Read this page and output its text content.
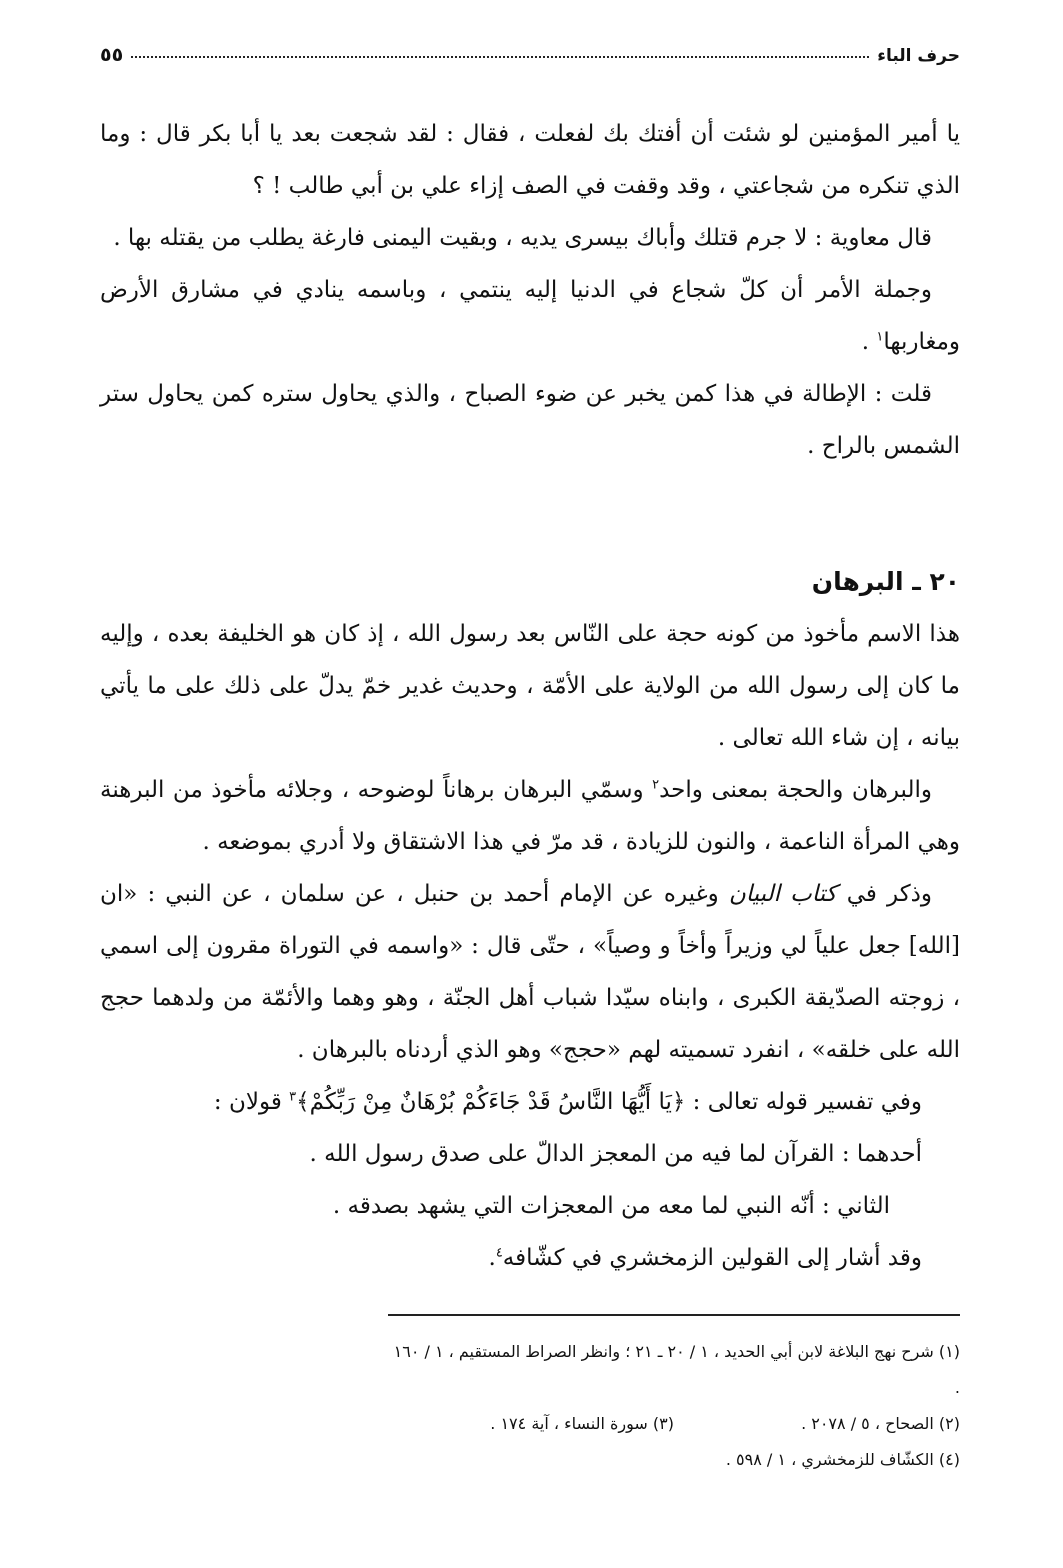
حرف الباء
٥٥

يا أمير المؤمنين لو شئت أن أفتك بك لفعلت ، فقال : لقد شجعت بعد يا أبا بكر قال : وما الذي تنكره من شجاعتي ، وقد وقفت في الصف إزاء علي بن أبي طالب ! ؟

قال معاوية : لا جرم قتلك وأباك بيسرى يديه ، وبقيت اليمنى فارغة يطلب من يقتله بها .

وجملة الأمر أن كلّ شجاع في الدنيا إليه ينتمي ، وباسمه ينادي في مشارق الأرض ومغاربها$^١$ .

قلت : الإطالة في هذا كمن يخبر عن ضوء الصباح ، والذي يحاول ستره كمن يحاول ستر الشمس بالراح .

٢٠ ـ البرهان

هذا الاسم مأخوذ من كونه حجة على النّاس بعد رسول الله ، إذ كان هو الخليفة بعده ، وإليه ما كان إلى رسول الله من الولاية على الأمّة ، وحديث غدير خمّ يدلّ على ذلك على ما يأتي بيانه ، إن شاء الله تعالى .

والبرهان والحجة بمعنى واحد$^٢$ وسمّي البرهان برهاناً لوضوحه ، وجلائه مأخوذ من البرهنة وهي المرأة الناعمة ، والنون للزيادة ، قد مرّ في هذا الاشتقاق ولا أدري بموضعه .

وذكر في كتاب البيان وغيره عن الإمام أحمد بن حنبل ، عن سلمان ، عن النبي : «ان [الله] جعل علياً لي وزيراً وأخاً و وصياً» ، حتّى قال : «واسمه في التوراة مقرون إلى اسمي ، زوجته الصدّيقة الكبرى ، وابناه سيّدا شباب أهل الجنّة ، وهو وهما والأئمّة من ولدهما حجج الله على خلقه» ، انفرد تسميته لهم «حجج» وهو الذي أردناه بالبرهان .

وفي تفسير قوله تعالى : ﴿يَا أَيُّهَا النَّاسُ قَدْ جَاءَكُمْ بُرْهَانٌ مِنْ رَبِّكُمْ﴾$^٣$ قولان :

أحدهما : القرآن لما فيه من المعجز الدالّ على صدق رسول الله .

الثاني : أنّه النبي لما معه من المعجزات التي يشهد بصدقه .

وقد أشار إلى القولين الزمخشري في كشّافه$^٤$.

(١) شرح نهج البلاغة لابن أبي الحديد ، ١ / ٢٠ ـ ٢١ ؛ وانظر الصراط المستقيم ، ١ / ١٦٠ .
(٢) الصحاح ، ٥ / ٢٠٧٨ .
(٣) سورة النساء ، آية ١٧٤ .
(٤) الكشّاف للزمخشري ، ١ / ٥٩٨ .
